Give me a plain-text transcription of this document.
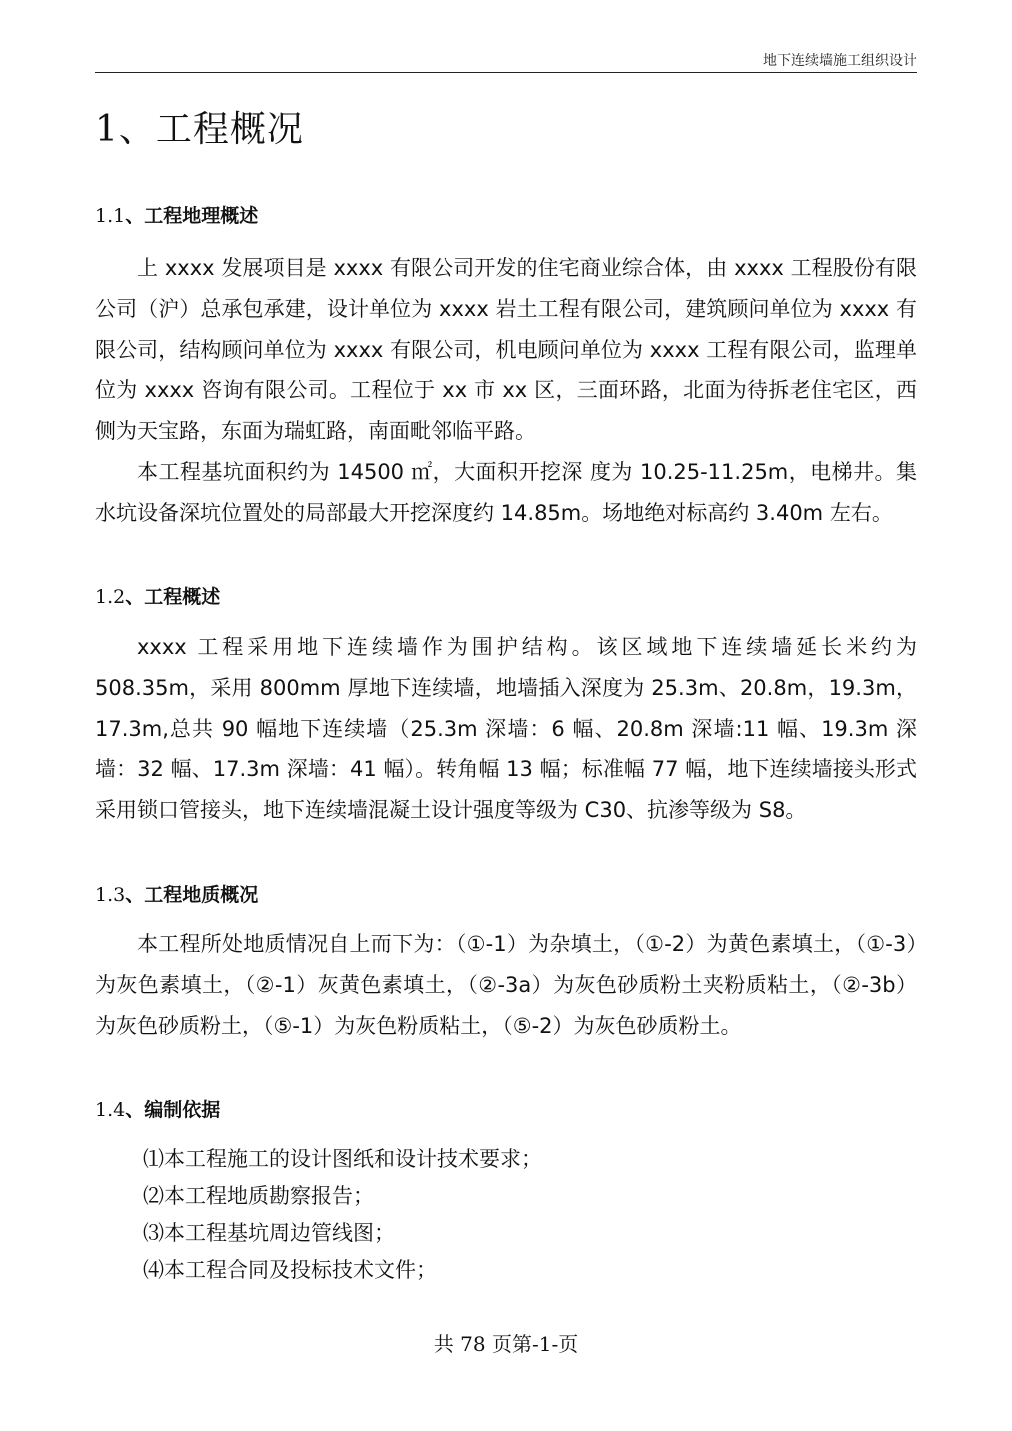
地下连续墙施工组织设计
1、工程概况
1.1、工程地理概述

上 xxxx 发展项目是 xxxx 有限公司开发的住宅商业综合体，由 xxxx 工程股份有限公司（沪）总承包承建，设计单位为 xxxx 岩土工程有限公司，建筑顾问单位为 xxxx 有限公司，结构顾问单位为 xxxx 有限公司，机电顾问单位为 xxxx 工程有限公司，监理单位为 xxxx 咨询有限公司。工程位于 xx 市 xx 区，三面环路，北面为待拆老住宅区，西侧为天宝路，东面为瑞虹路，南面毗邻临平路。

本工程基坑面积约为 14500 ㎡，大面积开挖深 度为 10.25-11.25m，电梯井。集水坑设备深坑位置处的局部最大开挖深度约 14.85m。场地绝对标高约 3.40m 左右。

1.2、工程概述

xxxx 工程采用地下连续墙作为围护结构。该区域地下连续墙延长米约为 508.35m，采用 800mm 厚地下连续墙，地墙插入深度为 25.3m、20.8m，19.3m，17.3m,总共 90 幅地下连续墙（25.3m 深墙：6 幅、20.8m 深墙:11 幅、19.3m 深墙：32 幅、17.3m 深墙：41 幅）。转角幅 13 幅；标准幅 77 幅，地下连续墙接头形式采用锁口管接头，地下连续墙混凝土设计强度等级为 C30、抗渗等级为 S8。

1.3、工程地质概况

本工程所处地质情况自上而下为：（①-1）为杂填土，（①-2）为黄色素填土，（①-3）为灰色素填土，（②-1）灰黄色素填土，（②-3a）为灰色砂质粉土夹粉质粘土，（②-3b）为灰色砂质粉土，（⑤-1）为灰色粉质粘土，（⑤-2）为灰色砂质粉土。

1.4、编制依据
⑴本工程施工的设计图纸和设计技术要求；
⑵本工程地质勘察报告；
⑶本工程基坑周边管线图；
⑷本工程合同及投标技术文件；
共 78 页第-1-页
